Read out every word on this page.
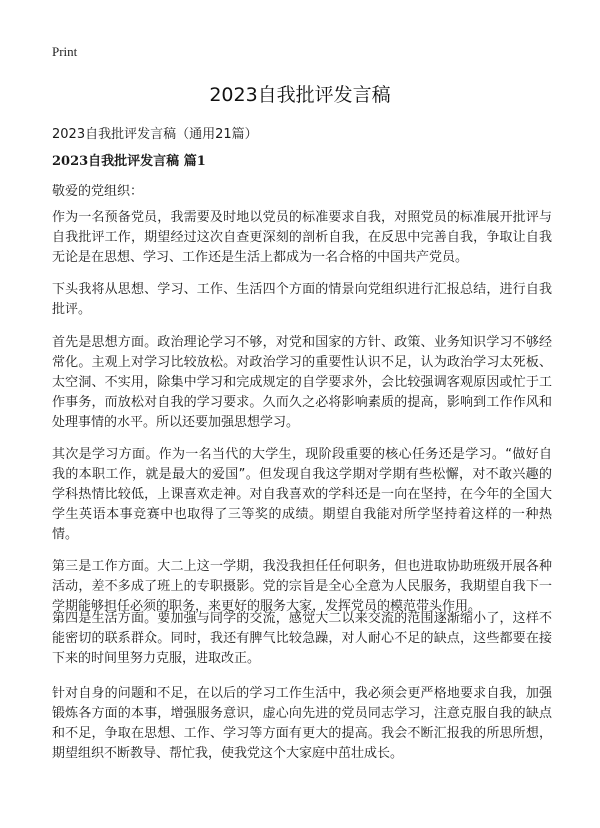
Print
2023自我批评发言稿

2023自我批评发言稿（通用21篇）

2023自我批评发言稿 篇1

敬爱的党组织：

作为一名预备党员，我需要及时地以党员的标准要求自我，对照党员的标准展开批评与自我批评工作，期望经过这次自查更深刻的剖析自我，在反思中完善自我，争取让自我无论是在思想、学习、工作还是生活上都成为一名合格的中国共产党员。

下头我将从思想、学习、工作、生活四个方面的情景向党组织进行汇报总结，进行自我批评。

首先是思想方面。政治理论学习不够，对党和国家的方针、政策、业务知识学习不够经常化。主观上对学习比较放松。对政治学习的重要性认识不足，认为政治学习太死板、太空洞、不实用，除集中学习和完成规定的自学要求外，会比较强调客观原因或忙于工作事务，而放松对自我的学习要求。久而久之必将影响素质的提高，影响到工作作风和处理事情的水平。所以还要加强思想学习。

其次是学习方面。作为一名当代的大学生，现阶段重要的核心任务还是学习。“做好自我的本职工作，就是最大的爱国”。但发现自我这学期对学期有些松懈，对不敢兴趣的学科热情比较低，上课喜欢走神。对自我喜欢的学科还是一向在坚持，在今年的全国大学生英语本事竞赛中也取得了三等奖的成绩。期望自我能对所学坚持着这样的一种热情。

第三是工作方面。大二上这一学期，我没我担任任何职务，但也进取协助班级开展各种活动，差不多成了班上的专职摄影。党的宗旨是全心全意为人民服务，我期望自我下一学期能够担任必须的职务，来更好的服务大家，发挥党员的模范带头作用。

第四是生活方面。要加强与同学的交流，感觉大二以来交流的范围逐渐缩小了，这样不能密切的联系群众。同时，我还有脾气比较急躁，对人耐心不足的缺点，这些都要在接下来的时间里努力克服，进取改正。

针对自身的问题和不足，在以后的学习工作生活中，我必须会更严格地要求自我，加强锻炼各方面的本事，增强服务意识，虚心向先进的党员同志学习，注意克服自我的缺点和不足，争取在思想、工作、学习等方面有更大的提高。我会不断汇报我的所思所想，期望组织不断教导、帮忙我，使我党这个大家庭中茁壮成长。
